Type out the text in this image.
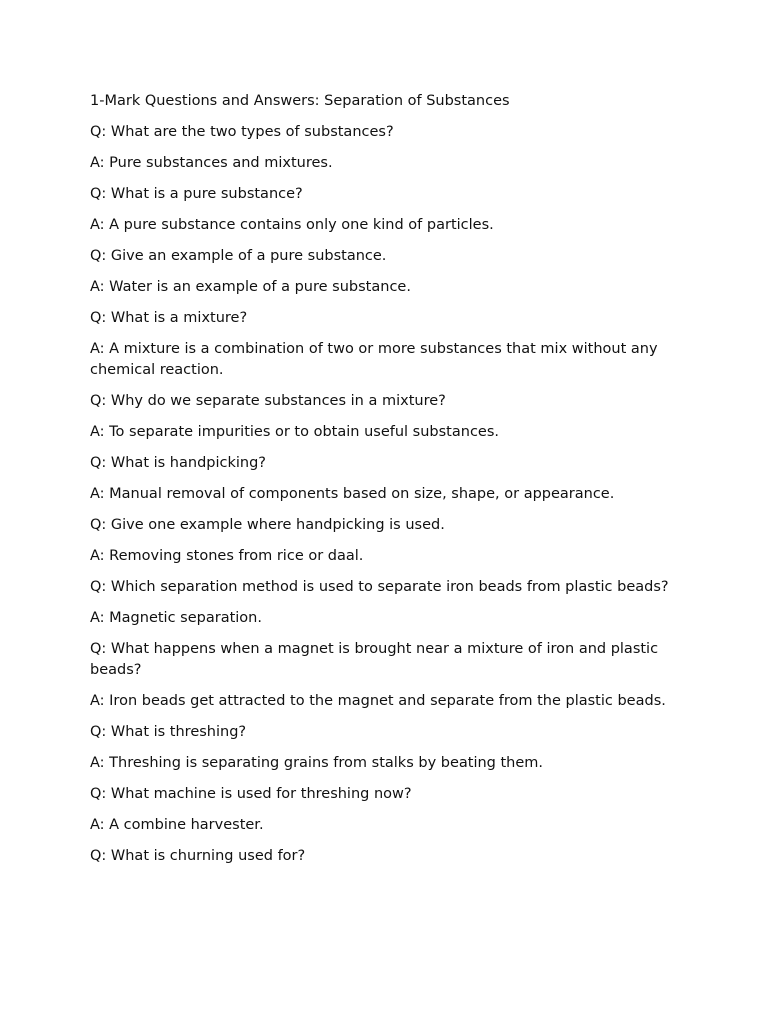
1-Mark Questions and Answers: Separation of Substances

Q: What are the two types of substances?

A: Pure substances and mixtures.

Q: What is a pure substance?

A: A pure substance contains only one kind of particles.

Q: Give an example of a pure substance.

A: Water is an example of a pure substance.

Q: What is a mixture?

A: A mixture is a combination of two or more substances that mix without any chemical reaction.

Q: Why do we separate substances in a mixture?

A: To separate impurities or to obtain useful substances.

Q: What is handpicking?

A: Manual removal of components based on size, shape, or appearance.

Q: Give one example where handpicking is used.

A: Removing stones from rice or daal.

Q: Which separation method is used to separate iron beads from plastic beads?

A: Magnetic separation.

Q: What happens when a magnet is brought near a mixture of iron and plastic beads?

A: Iron beads get attracted to the magnet and separate from the plastic beads.

Q: What is threshing?

A: Threshing is separating grains from stalks by beating them.

Q: What machine is used for threshing now?

A: A combine harvester.

Q: What is churning used for?
